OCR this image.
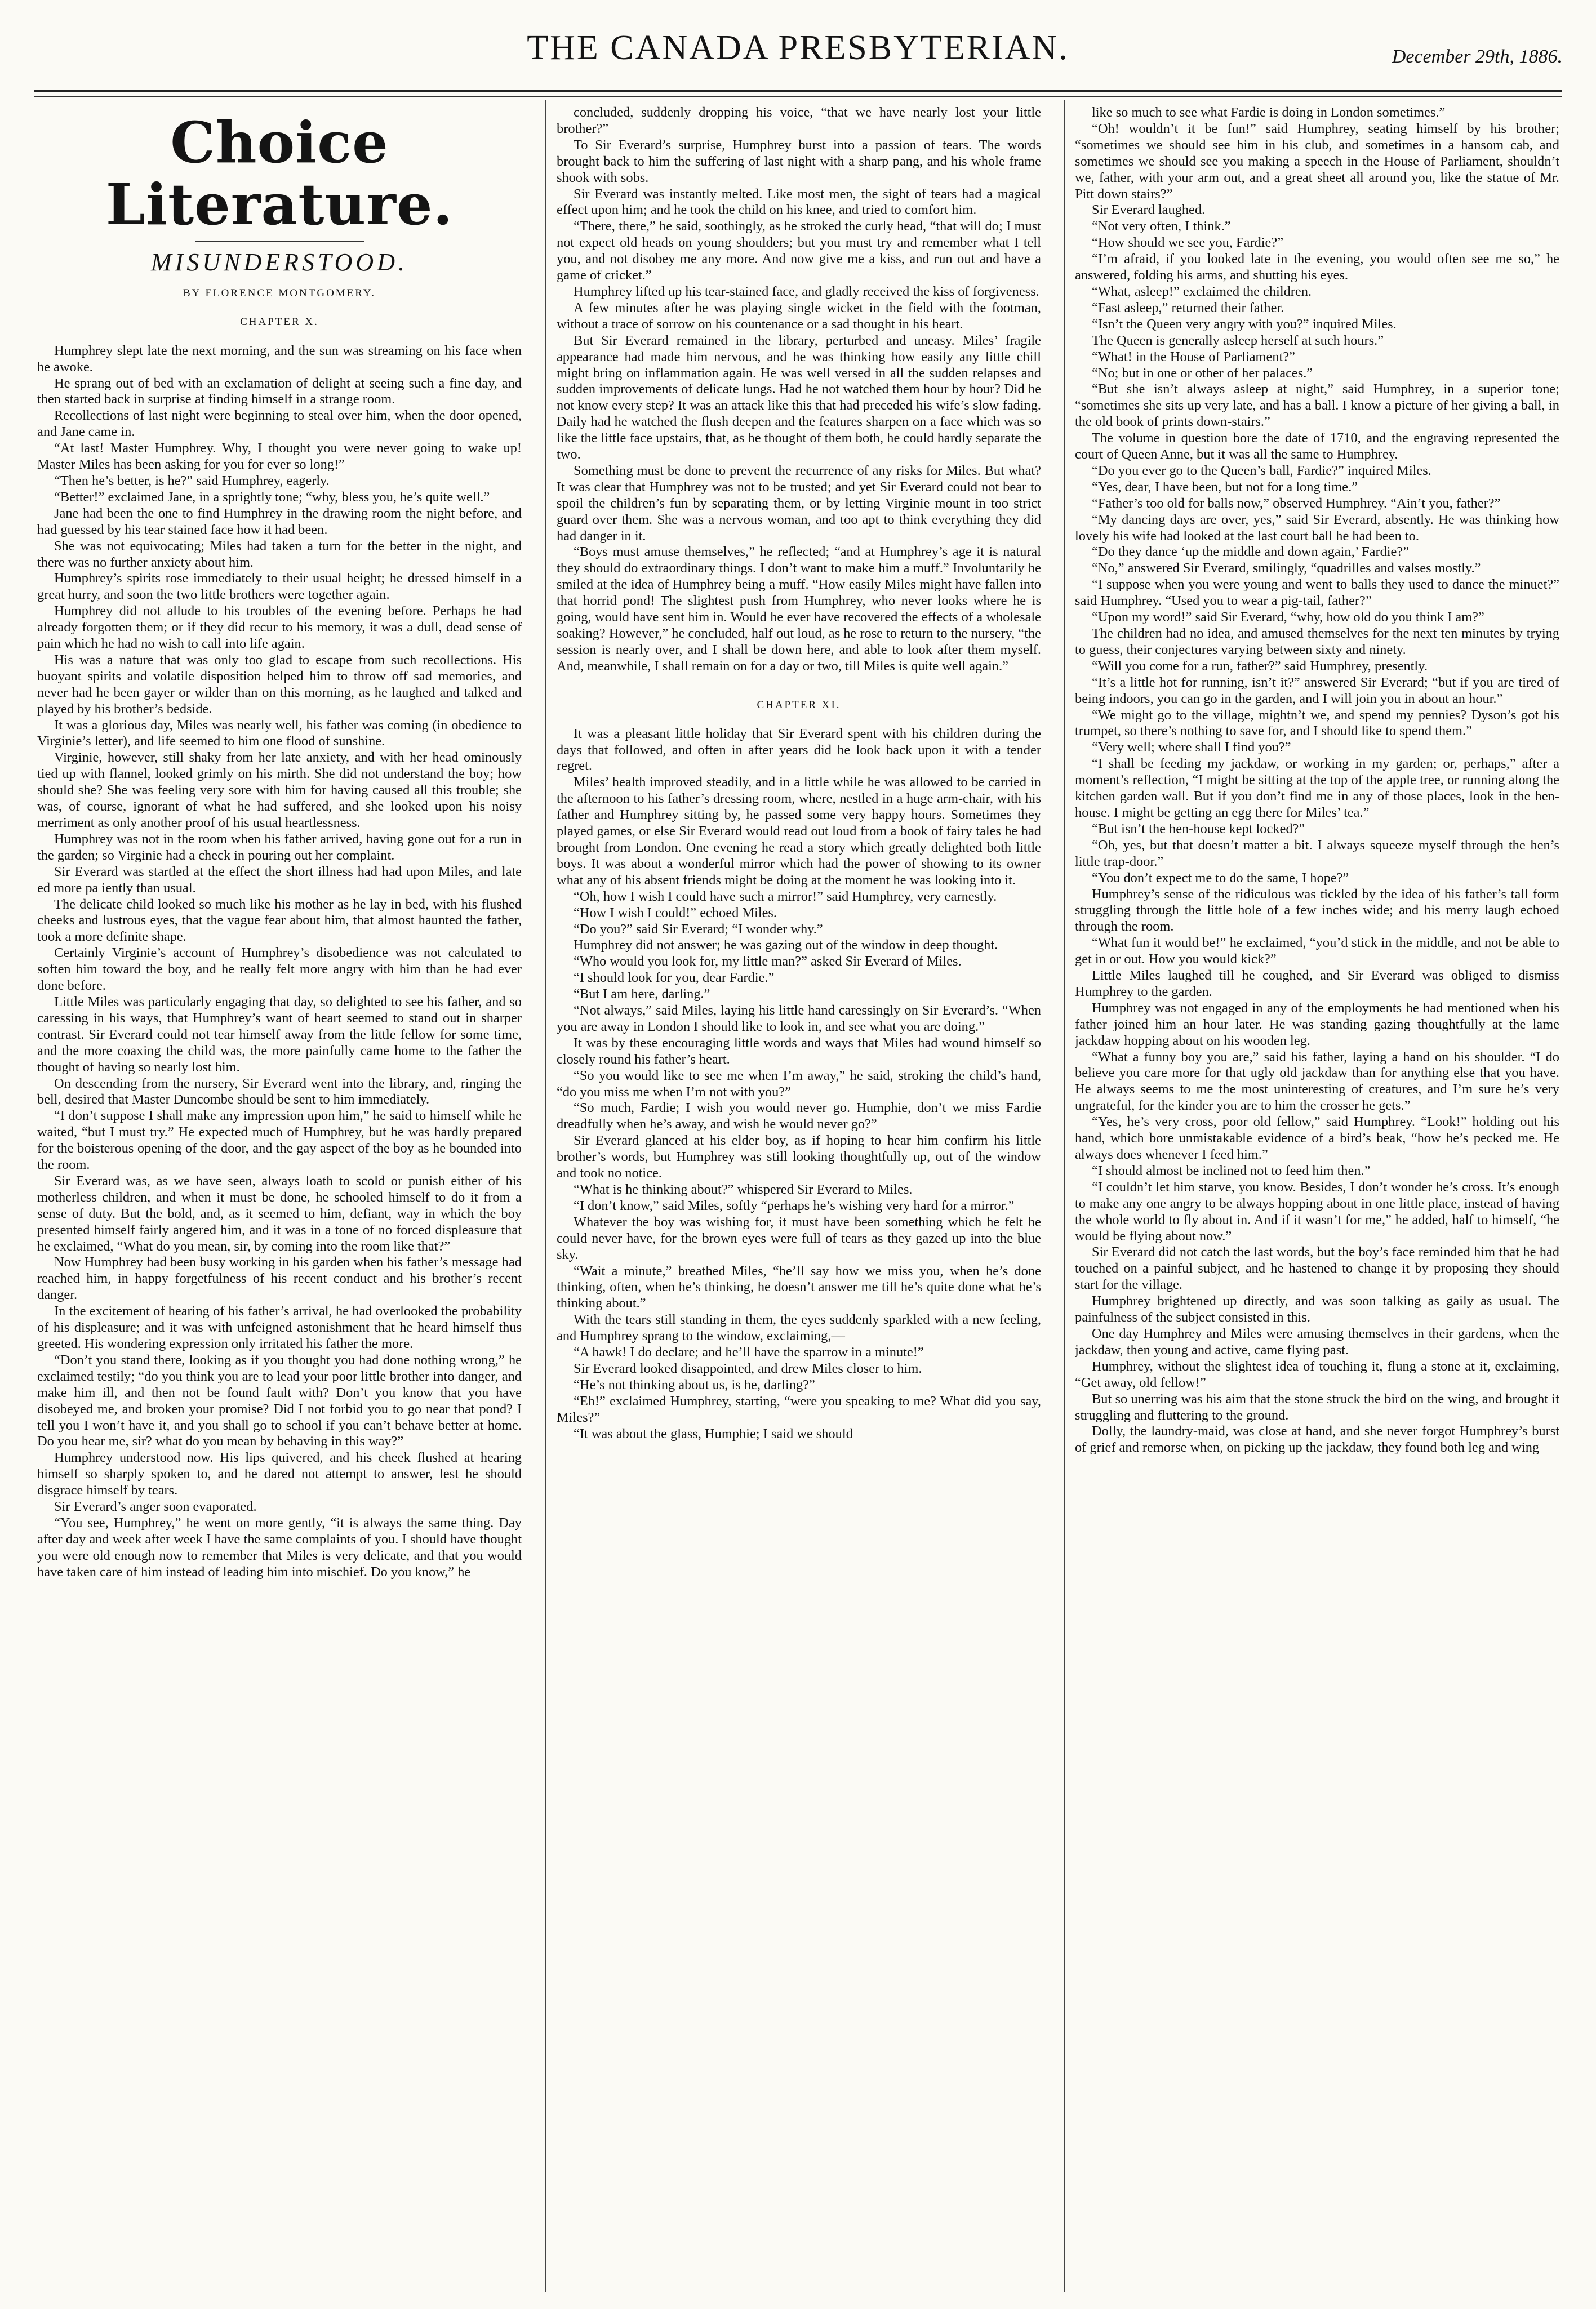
THE CANADA PRESBYTERIAN.	December 29th, 1886.
Choice Literature.
MISUNDERSTOOD.
BY FLORENCE MONTGOMERY.
CHAPTER X.

Humphrey slept late the next morning, and the sun was streaming on his face when he awoke.

He sprang out of bed with an exclamation of delight at seeing such a fine day, and then started back in surprise at finding himself in a strange room.

Recollections of last night were beginning to steal over him, when the door opened, and Jane came in.

“At last! Master Humphrey. Why, I thought you were never going to wake up! Master Miles has been asking for you for ever so long!”

“Then he’s better, is he?” said Humphrey, eagerly.

“Better!” exclaimed Jane, in a sprightly tone; “why, bless you, he’s quite well.”

Jane had been the one to find Humphrey in the drawing room the night before, and had guessed by his tear stained face how it had been.

She was not equivocating; Miles had taken a turn for the better in the night, and there was no further anxiety about him.

Humphrey’s spirits rose immediately to their usual height; he dressed himself in a great hurry, and soon the two little brothers were together again.

Humphrey did not allude to his troubles of the evening before. Perhaps he had already forgotten them; or if they did recur to his memory, it was a dull, dead sense of pain which he had no wish to call into life again.

His was a nature that was only too glad to escape from such recollections. His buoyant spirits and volatile disposition helped him to throw off sad memories, and never had he been gayer or wilder than on this morning, as he laughed and talked and played by his brother’s bedside.

It was a glorious day, Miles was nearly well, his father was coming (in obedience to Virginie’s letter), and life seemed to him one flood of sunshine.

Virginie, however, still shaky from her late anxiety, and with her head ominously tied up with flannel, looked grimly on his mirth. She did not understand the boy; how should she? She was feeling very sore with him for having caused all this trouble; she was, of course, ignorant of what he had suffered, and she looked upon his noisy merriment as only another proof of his usual heartlessness.

Humphrey was not in the room when his father arrived, having gone out for a run in the garden; so Virginie had a check in pouring out her complaint.

Sir Everard was startled at the effect the short illness had had upon Miles, and late ed more pa iently than usual.

The delicate child looked so much like his mother as he lay in bed, with his flushed cheeks and lustrous eyes, that the vague fear about him, that almost haunted the father, took a more definite shape.

Certainly Virginie’s account of Humphrey’s disobedience was not calculated to soften him toward the boy, and he really felt more angry with him than he had ever done before.

Little Miles was particularly engaging that day, so delighted to see his father, and so caressing in his ways, that Humphrey’s want of heart seemed to stand out in sharper contrast. Sir Everard could not tear himself away from the little fellow for some time, and the more coaxing the child was, the more painfully came home to the father the thought of having so nearly lost him.

On descending from the nursery, Sir Everard went into the library, and, ringing the bell, desired that Master Duncombe should be sent to him immediately.

“I don’t suppose I shall make any impression upon him,” he said to himself while he waited, “but I must try.” He expected much of Humphrey, but he was hardly prepared for the boisterous opening of the door, and the gay aspect of the boy as he bounded into the room.

Sir Everard was, as we have seen, always loath to scold or punish either of his motherless children, and when it must be done, he schooled himself to do it from a sense of duty. But the bold, and, as it seemed to him, defiant, way in which the boy presented himself fairly angered him, and it was in a tone of no forced displeasure that he exclaimed, “What do you mean, sir, by coming into the room like that?”

Now Humphrey had been busy working in his garden when his father’s message had reached him, in happy forgetfulness of his recent conduct and his brother’s recent danger.

In the excitement of hearing of his father’s arrival, he had overlooked the probability of his displeasure; and it was with unfeigned astonishment that he heard himself thus greeted. His wondering expression only irritated his father the more.

“Don’t you stand there, looking as if you thought you had done nothing wrong,” he exclaimed testily; “do you think you are to lead your poor little brother into danger, and make him ill, and then not be found fault with? Don’t you know that you have disobeyed me, and broken your promise? Did I not forbid you to go near that pond? I tell you I won’t have it, and you shall go to school if you can’t behave better at home. Do you hear me, sir? what do you mean by behaving in this way?”

Humphrey understood now. His lips quivered, and his cheek flushed at hearing himself so sharply spoken to, and he dared not attempt to answer, lest he should disgrace himself by tears.

Sir Everard’s anger soon evaporated.

“You see, Humphrey,” he went on more gently, “it is always the same thing. Day after day and week after week I have the same complaints of you. I should have thought you were old enough now to remember that Miles is very delicate, and that you would have taken care of him instead of leading him into mischief. Do you know,” he

concluded, suddenly dropping his voice, “that we have nearly lost your little brother?”

To Sir Everard’s surprise, Humphrey burst into a passion of tears. The words brought back to him the suffering of last night with a sharp pang, and his whole frame shook with sobs.

Sir Everard was instantly melted. Like most men, the sight of tears had a magical effect upon him; and he took the child on his knee, and tried to comfort him.

“There, there,” he said, soothingly, as he stroked the curly head, “that will do; I must not expect old heads on young shoulders; but you must try and remember what I tell you, and not disobey me any more. And now give me a kiss, and run out and have a game of cricket.”

Humphrey lifted up his tear-stained face, and gladly received the kiss of forgiveness.

A few minutes after he was playing single wicket in the field with the footman, without a trace of sorrow on his countenance or a sad thought in his heart.

But Sir Everard remained in the library, perturbed and uneasy. Miles’ fragile appearance had made him nervous, and he was thinking how easily any little chill might bring on inflammation again. He was well versed in all the sudden relapses and sudden improvements of delicate lungs. Had he not watched them hour by hour? Did he not know every step? It was an attack like this that had preceded his wife’s slow fading. Daily had he watched the flush deepen and the features sharpen on a face which was so like the little face upstairs, that, as he thought of them both, he could hardly separate the two.

Something must be done to prevent the recurrence of any risks for Miles. But what? It was clear that Humphrey was not to be trusted; and yet Sir Everard could not bear to spoil the children’s fun by separating them, or by letting Virginie mount in too strict guard over them. She was a nervous woman, and too apt to think everything they did had danger in it.

“Boys must amuse themselves,” he reflected; “and at Humphrey’s age it is natural they should do extraordinary things. I don’t want to make him a muff.” Involuntarily he smiled at the idea of Humphrey being a muff. “How easily Miles might have fallen into that horrid pond! The slightest push from Humphrey, who never looks where he is going, would have sent him in. Would he ever have recovered the effects of a wholesale soaking? However,” he concluded, half out loud, as he rose to return to the nursery, “the session is nearly over, and I shall be down here, and able to look after them myself. And, meanwhile, I shall remain on for a day or two, till Miles is quite well again.”

CHAPTER XI.

It was a pleasant little holiday that Sir Everard spent with his children during the days that followed, and often in after years did he look back upon it with a tender regret.

Miles’ health improved steadily, and in a little while he was allowed to be carried in the afternoon to his father’s dressing room, where, nestled in a huge arm-chair, with his father and Humphrey sitting by, he passed some very happy hours. Sometimes they played games, or else Sir Everard would read out loud from a book of fairy tales he had brought from London. One evening he read a story which greatly delighted both little boys. It was about a wonderful mirror which had the power of showing to its owner what any of his absent friends might be doing at the moment he was looking into it.

“Oh, how I wish I could have such a mirror!” said Humphrey, very earnestly.

“How I wish I could!” echoed Miles.

“Do you?” said Sir Everard; “I wonder why.”

Humphrey did not answer; he was gazing out of the window in deep thought.

“Who would you look for, my little man?” asked Sir Everard of Miles.

“I should look for you, dear Fardie.”

“But I am here, darling.”

“Not always,” said Miles, laying his little hand caressingly on Sir Everard’s. “When you are away in London I should like to look in, and see what you are doing.”

It was by these encouraging little words and ways that Miles had wound himself so closely round his father’s heart.

“So you would like to see me when I’m away,” he said, stroking the child’s hand, “do you miss me when I’m not with you?”

“So much, Fardie; I wish you would never go. Humphie, don’t we miss Fardie dreadfully when he’s away, and wish he would never go?”

Sir Everard glanced at his elder boy, as if hoping to hear him confirm his little brother’s words, but Humphrey was still looking thoughtfully up, out of the window and took no notice.

“What is he thinking about?” whispered Sir Everard to Miles.

“I don’t know,” said Miles, softly “perhaps he’s wishing very hard for a mirror.”

Whatever the boy was wishing for, it must have been something which he felt he could never have, for the brown eyes were full of tears as they gazed up into the blue sky.

“Wait a minute,” breathed Miles, “he’ll say how we miss you, when he’s done thinking, often, when he’s thinking, he doesn’t answer me till he’s quite done what he’s thinking about.”

With the tears still standing in them, the eyes suddenly sparkled with a new feeling, and Humphrey sprang to the window, exclaiming,—

“A hawk! I do declare; and he’ll have the sparrow in a minute!”

Sir Everard looked disappointed, and drew Miles closer to him.

“He’s not thinking about us, is he, darling?”

“Eh!” exclaimed Humphrey, starting, “were you speaking to me? What did you say, Miles?”

“It was about the glass, Humphie; I said we should

like so much to see what Fardie is doing in London sometimes.”

“Oh! wouldn’t it be fun!” said Humphrey, seating himself by his brother; “sometimes we should see him in his club, and sometimes in a hansom cab, and sometimes we should see you making a speech in the House of Parliament, shouldn’t we, father, with your arm out, and a great sheet all around you, like the statue of Mr. Pitt down stairs?”

Sir Everard laughed.

“Not very often, I think.”

“How should we see you, Fardie?”

“I’m afraid, if you looked late in the evening, you would often see me so,” he answered, folding his arms, and shutting his eyes.

“What, asleep!” exclaimed the children.

“Fast asleep,” returned their father.

“Isn’t the Queen very angry with you?” inquired Miles.

The Queen is generally asleep herself at such hours.”

“What! in the House of Parliament?”

“No; but in one or other of her palaces.”

“But she isn’t always asleep at night,” said Humphrey, in a superior tone; “sometimes she sits up very late, and has a ball. I know a picture of her giving a ball, in the old book of prints down-stairs.”

The volume in question bore the date of 1710, and the engraving represented the court of Queen Anne, but it was all the same to Humphrey.

“Do you ever go to the Queen’s ball, Fardie?” inquired Miles.

“Yes, dear, I have been, but not for a long time.”

“Father’s too old for balls now,” observed Humphrey. “Ain’t you, father?”

“My dancing days are over, yes,” said Sir Everard, absently. He was thinking how lovely his wife had looked at the last court ball he had been to.

“Do they dance ‘up the middle and down again,’ Fardie?”

“No,” answered Sir Everard, smilingly, “quadrilles and valses mostly.”

“I suppose when you were young and went to balls they used to dance the minuet?” said Humphrey. “Used you to wear a pig-tail, father?”

“Upon my word!” said Sir Everard, “why, how old do you think I am?”

The children had no idea, and amused themselves for the next ten minutes by trying to guess, their conjectures varying between sixty and ninety.

“Will you come for a run, father?” said Humphrey, presently.

“It’s a little hot for running, isn’t it?” answered Sir Everard; “but if you are tired of being indoors, you can go in the garden, and I will join you in about an hour.”

“We might go to the village, mightn’t we, and spend my pennies? Dyson’s got his trumpet, so there’s nothing to save for, and I should like to spend them.”

“Very well; where shall I find you?”

“I shall be feeding my jackdaw, or working in my garden; or, perhaps,” after a moment’s reflection, “I might be sitting at the top of the apple tree, or running along the kitchen garden wall. But if you don’t find me in any of those places, look in the hen-house. I might be getting an egg there for Miles’ tea.”

“But isn’t the hen-house kept locked?”

“Oh, yes, but that doesn’t matter a bit. I always squeeze myself through the hen’s little trap-door.”

“You don’t expect me to do the same, I hope?”

Humphrey’s sense of the ridiculous was tickled by the idea of his father’s tall form struggling through the little hole of a few inches wide; and his merry laugh echoed through the room.

“What fun it would be!” he exclaimed, “you’d stick in the middle, and not be able to get in or out. How you would kick?”

Little Miles laughed till he coughed, and Sir Everard was obliged to dismiss Humphrey to the garden.

Humphrey was not engaged in any of the employments he had mentioned when his father joined him an hour later. He was standing gazing thoughtfully at the lame jackdaw hopping about on his wooden leg.

“What a funny boy you are,” said his father, laying a hand on his shoulder. “I do believe you care more for that ugly old jackdaw than for anything else that you have. He always seems to me the most uninteresting of creatures, and I’m sure he’s very ungrateful, for the kinder you are to him the crosser he gets.”

“Yes, he’s very cross, poor old fellow,” said Humphrey. “Look!” holding out his hand, which bore unmistakable evidence of a bird’s beak, “how he’s pecked me. He always does whenever I feed him.”

“I should almost be inclined not to feed him then.”

“I couldn’t let him starve, you know. Besides, I don’t wonder he’s cross. It’s enough to make any one angry to be always hopping about in one little place, instead of having the whole world to fly about in. And if it wasn’t for me,” he added, half to himself, “he would be flying about now.”

Sir Everard did not catch the last words, but the boy’s face reminded him that he had touched on a painful subject, and he hastened to change it by proposing they should start for the village.

Humphrey brightened up directly, and was soon talking as gaily as usual. The painfulness of the subject consisted in this.

One day Humphrey and Miles were amusing themselves in their gardens, when the jackdaw, then young and active, came flying past.

Humphrey, without the slightest idea of touching it, flung a stone at it, exclaiming, “Get away, old fellow!”

But so unerring was his aim that the stone struck the bird on the wing, and brought it struggling and fluttering to the ground.

Dolly, the laundry-maid, was close at hand, and she never forgot Humphrey’s burst of grief and remorse when, on picking up the jackdaw, they found both leg and wing
